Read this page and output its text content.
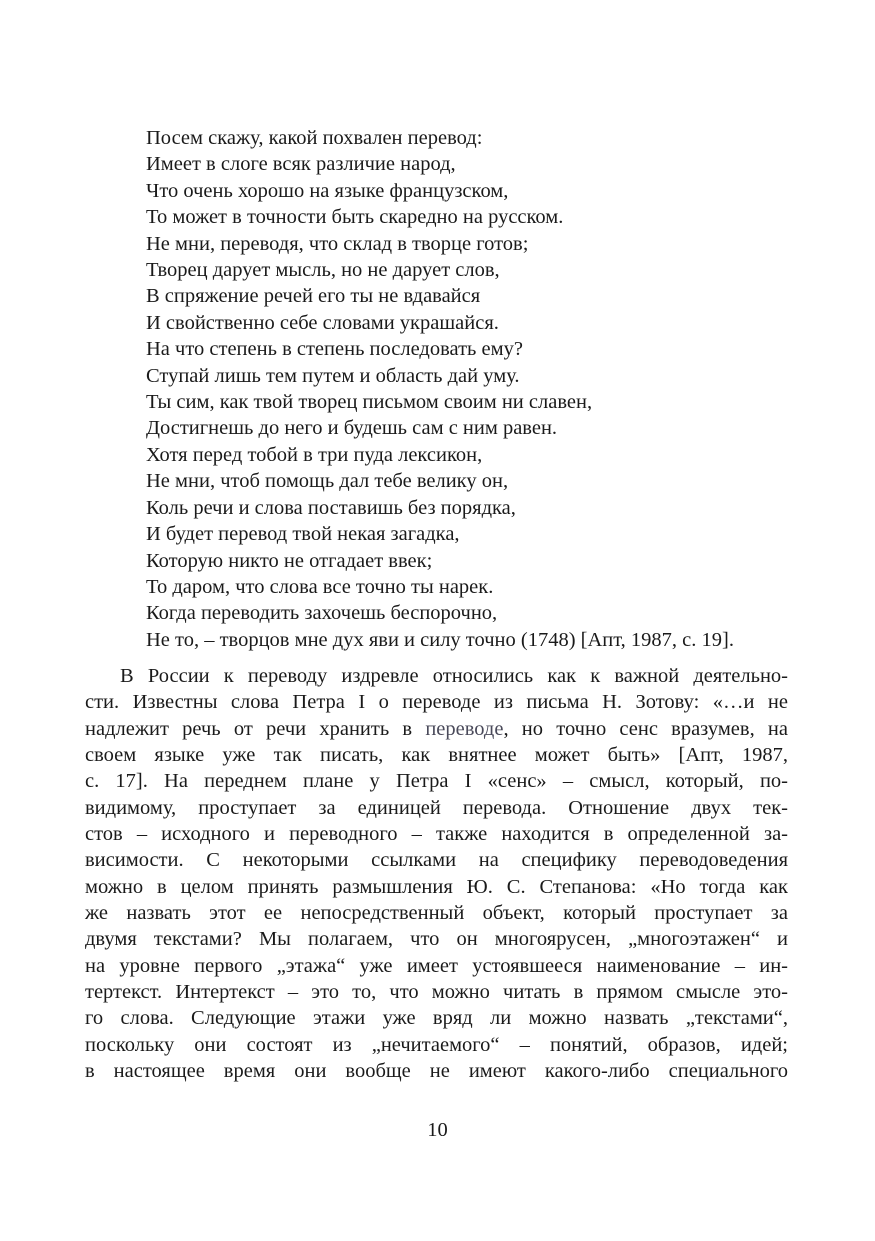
Посем скажу, какой похвален перевод:
Имеет в слоге всяк различие народ,
Что очень хорошо на языке французском,
То может в точности быть скаредно на русском.
Не мни, переводя, что склад в творце готов;
Творец дарует мысль, но не дарует слов,
В спряжение речей его ты не вдавайся
И свойственно себе словами украшайся.
На что степень в степень последовать ему?
Ступай лишь тем путем и область дай уму.
Ты сим, как твой творец письмом своим ни славен,
Достигнешь до него и будешь сам с ним равен.
Хотя перед тобой в три пуда лексикон,
Не мни, чтоб помощь дал тебе велику он,
Коль речи и слова поставишь без порядка,
И будет перевод твой некая загадка,
Которую никто не отгадает ввек;
То даром, что слова все точно ты нарек.
Когда переводить захочешь беспорочно,
Не то, – творцов мне дух яви и силу точно (1748) [Апт, 1987, с. 19].
В России к переводу издревле относились как к важной деятельно-
сти. Известны слова Петра I о переводе из письма Н. Зотову: «…и не
надлежит речь от речи хранить в переводе, но точно сенс вразумев, на
своем языке уже так писать, как внятнее может быть» [Апт, 1987,
с. 17]. На переднем плане у Петра I «сенс» – смысл, который, по-
видимому, проступает за единицей перевода. Отношение двух тек-
стов – исходного и переводного – также находится в определенной за-
висимости. С некоторыми ссылками на специфику переводоведения
можно в целом принять размышления Ю. С. Степанова: «Но тогда как
же назвать этот ее непосредственный объект, который проступает за
двумя текстами? Мы полагаем, что он многоярусен, „многоэтажен“ и
на уровне первого „этажа“ уже имеет устоявшееся наименование – ин-
тертекст. Интертекст – это то, что можно читать в прямом смысле это-
го слова. Следующие этажи уже вряд ли можно назвать „текстами“,
поскольку они состоят из „нечитаемого“ – понятий, образов, идей;
в настоящее время они вообще не имеют какого-либо специального
10
